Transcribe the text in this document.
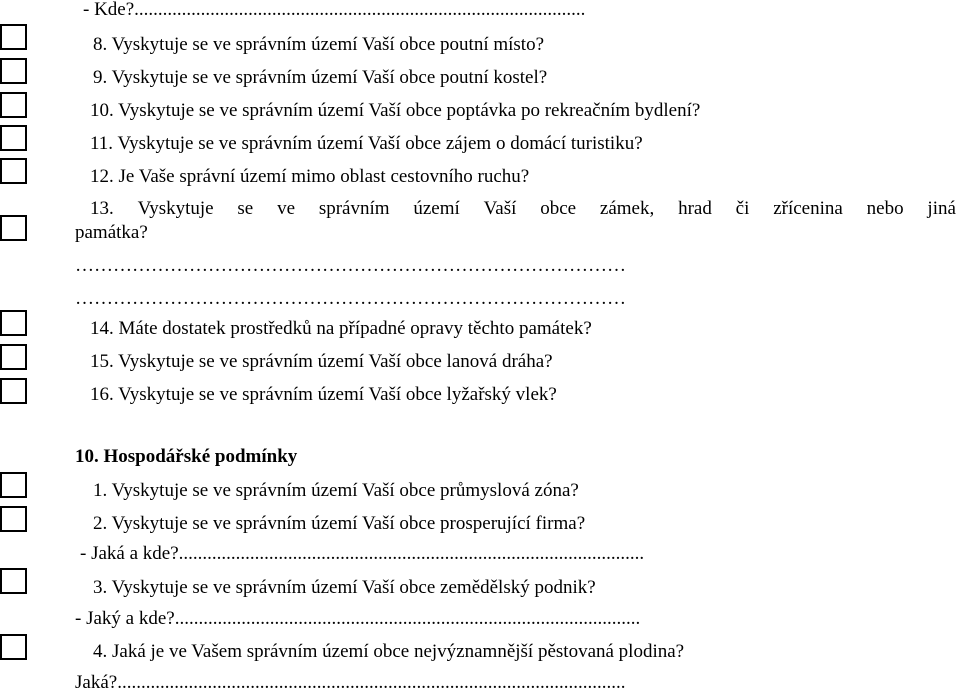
- Kde?...............................................................................................
8. Vyskytuje se ve správním území Vaší obce poutní místo?
9. Vyskytuje se ve správním území Vaší obce poutní kostel?
10. Vyskytuje se ve správním území Vaší obce poptávka po rekreačním bydlení?
11. Vyskytuje se ve správním území Vaší obce zájem o domácí turistiku?
12. Je Vaše správní území mimo oblast cestovního ruchu?
13. Vyskytuje se ve správním území Vaší obce zámek, hrad či zřícenina nebo jiná
památka?
……………………………………………………………………………
……………………………………………………………………………
14. Máte dostatek prostředků na případné opravy těchto památek?
15. Vyskytuje se ve správním území Vaší obce lanová dráha?
16. Vyskytuje se ve správním území Vaší obce lyžařský vlek?
10. Hospodářské podmínky
1. Vyskytuje se ve správním území Vaší obce průmyslová zóna?
2. Vyskytuje se ve správním území Vaší obce prosperující firma?
- Jaká a kde?..................................................................................................
3. Vyskytuje se ve správním území Vaší obce zemědělský podnik?
- Jaký a kde?..................................................................................................
4. Jaká je ve Vašem správním území obce nejvýznamnější pěstovaná plodina?
Jaká?...........................................................................................................
